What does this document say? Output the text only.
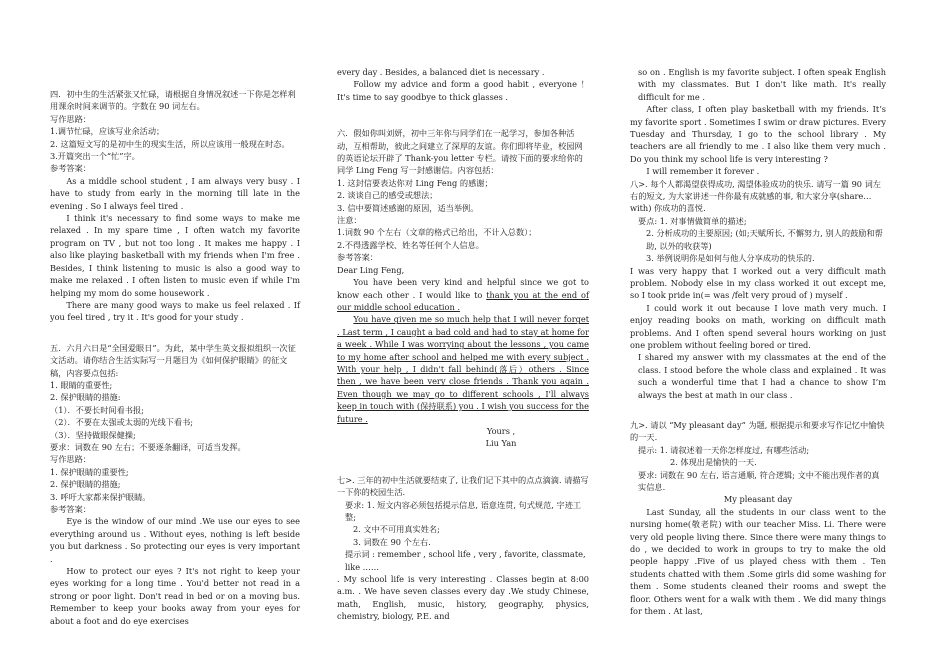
四．初中生的生活紧张又忙碌，请根据自身情况叙述一下你是怎样利用课余时间来调节的。字数在 90 词左右。

写作思路：

1.调节忙碌，应该写业余活动；

2. 这篇短文写的是初中生的现实生活，所以应该用一般现在时态。

3.开篇突出一个“忙”字。

参考答案：

As a middle school student , I am always very busy . I have to study from early in the morning till late in the evening . So I always feel tired .

I think it's necessary to find some ways to make me relaxed . In my spare time , I often watch my favorite program on TV , but not too long . It makes me happy . I also like playing basketball with my friends when I'm free . Besides, I think listening to music is also a good way to make me relaxed . I often listen to music even if while I'm helping my mom do some housework .

There are many good ways to make us feel relaxed . If you feel tired , try it . It's good for your study .

五．六月六日是“全国爱眼日”。为此，某中学生英文报拟组织一次征文活动。请你结合生活实际写一月题目为《如何保护眼睛》的征文稿，内容要点包括:

1. 眼睛的重要性;

2. 保护眼睛的措施:

（1）．不要长时间看书报;

（2）．不要在太强或太弱的光线下看书;

（3）．坚持做眼保健操;

要求：词数在 90 左右；不要逐条翻译，可适当发挥。

写作思路：

1. 保护眼睛的重要性;

2. 保护眼睛的措施;

3. 呼吁大家都来保护眼睛。

参考答案：

Eye is the window of our mind .We use our eyes to see everything around us . Without eyes, nothing is left beside you but darkness . So protecting our eyes is very important .

How to protect our eyes ? It's not right to keep your eyes working for a long time . You'd better not read in a strong or poor light. Don't read in bed or on a moving bus. Remember to keep your books away from your eyes for about a foot and do eye exercises

every day . Besides, a balanced diet is necessary .

Follow my advice and form a good habit , everyone ！ It's time to say goodbye to thick glasses .

六．假如你叫刘妍，初中三年你与同学们在一起学习，参加各种活动，互相帮助，彼此之间建立了深厚的友谊。你们即将毕业，校园网的英语论坛开辟了 Thank-you letter 专栏。请按下面的要求给你的同学 Ling Feng 写一封感谢信。内容包括：

1. 这封信要表达你对 Ling Feng 的感谢；

2. 谈谈自己的感受或想法；

3. 信中要简述感谢的原因，适当举例。

注意：

1.词数 90 个左右（文章的格式已给出，不计入总数）；

2.不得透露学校、姓名等任何个人信息。

参考答案：

Dear Ling Feng,

You have been very kind and helpful since we got to know each other . I would like to thank you at the end of our middle school education .

You have given me so much help that I will never forget . Last term , I caught a bad cold and had to stay at home for a week . While I was worrying about the lessons , you came to my home after school and helped me with every subject . With your help , I didn't fall behind(落后）others . Since then , we have been very close friends . Thank you again . Even though we may go to different schools , I'll always keep in touch with (保持联系) you . I wish you success for the future .

Yours ,

Liu Yan

七>. 三年的初中生活就要结束了, 让我们记下其中的点点滴滴. 请描写一下你的校园生活.

要求: 1. 短文内容必须包括提示信息, 语意连贯, 句式规范, 字迹工整;

2. 文中不可用真实姓名;

3. 词数在 90 个左右.

提示词 : remember , school life , very , favorite, classmate, like ……

. My school life is very interesting . Classes begin at 8:00 a.m. . We have seven classes every day .We study Chinese, math, English, music, history, geography, physics, chemistry, biology, P.E. and

so on . English is my favorite subject. I often speak English with my classmates. But I don't like math. It's really difficult for me .

After class, I often play basketball with my friends. It’s my favorite sport . Sometimes I swim or draw pictures. Every Tuesday and Thursday, I go to the school library . My teachers are all friendly to me . I also like them very much . Do you think my school life is very interesting ?

I will remember it forever .

八>. 每个人都渴望获得成功, 渴望体验成功的快乐. 请写一篇 90 词左右的短文, 为大家讲述一件你最有成就感的事, 和大家分享(share… with) 你成功的喜悦.

要点: 1. 对事情做简单的描述;

2. 分析成功的主要原因; (如;天赋所长, 不懈努力, 别人的鼓励和帮助, 以外的收获等)

3. 举例说明你是如何与他人分享成功的快乐的.

I was very happy that I worked out a very difficult math problem. Nobody else in my class worked it out except me, so I took pride in(= was /felt very proud of ) myself .

I could work it out because I love math very much. I enjoy reading books on math, working on difficult math problems. And I often spend several hours working on just one problem without feeling bored or tired.

I shared my answer with my classmates at the end of the class. I stood before the whole class and explained . It was such a wonderful time that I had a chance to show I’m always the best at math in our class .

九>. 请以 “My pleasant day” 为题, 根据提示和要求写作记忆中愉快的一天.

提示: 1. 请叙述着一天你怎样度过, 有哪些活动;

2. 体现出是愉快的一天.

要求: 词数在 90 左右, 语言通顺, 符合逻辑; 文中不能出现作者的真实信息.

My pleasant day

Last Sunday, all the students in our class went to the nursing home(敬老院) with our teacher Miss. Li. There were very old people living there. Since there were many things to do , we decided to work in groups to try to make the old people happy .Five of us played chess with them . Ten students chatted with them .Some girls did some washing for them . Some students cleaned their rooms and swept the floor. Others went for a walk with them . We did many things for them . At last,
